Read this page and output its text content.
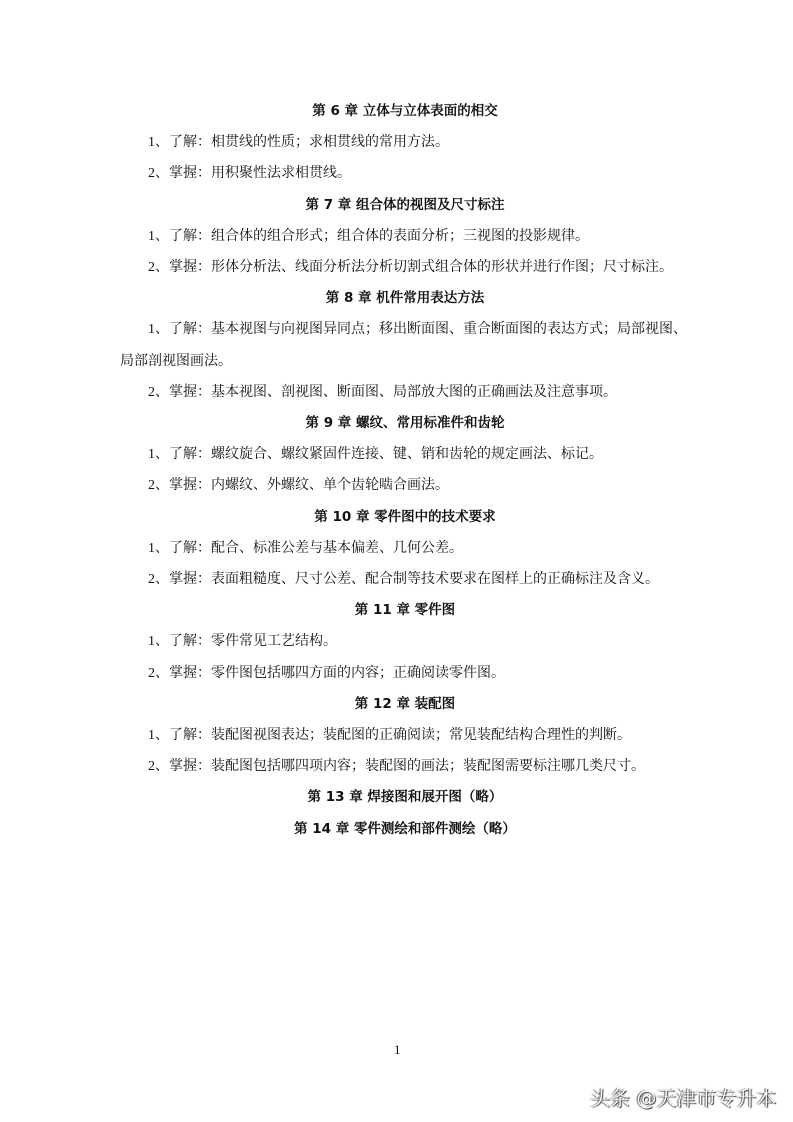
第 6 章 立体与立体表面的相交

1、了解：相贯线的性质；求相贯线的常用方法。

2、掌握：用积聚性法求相贯线。

第 7 章 组合体的视图及尺寸标注

1、了解：组合体的组合形式；组合体的表面分析；三视图的投影规律。

2、掌握：形体分析法、线面分析法分析切割式组合体的形状并进行作图；尺寸标注。

第 8 章 机件常用表达方法

1、了解：基本视图与向视图异同点；移出断面图、重合断面图的表达方式；局部视图、局部剖视图画法。

2、掌握：基本视图、剖视图、断面图、局部放大图的正确画法及注意事项。

第 9 章 螺纹、常用标准件和齿轮

1、了解：螺纹旋合、螺纹紧固件连接、键、销和齿轮的规定画法、标记。

2、掌握：内螺纹、外螺纹、单个齿轮啮合画法。

第 10 章 零件图中的技术要求

1、了解：配合、标准公差与基本偏差、几何公差。

2、掌握：表面粗糙度、尺寸公差、配合制等技术要求在图样上的正确标注及含义。

第 11 章 零件图

1、了解：零件常见工艺结构。

2、掌握：零件图包括哪四方面的内容；正确阅读零件图。

第 12 章 装配图

1、了解：装配图视图表达；装配图的正确阅读；常见装配结构合理性的判断。

2、掌握：装配图包括哪四项内容；装配图的画法；装配图需要标注哪几类尺寸。

第 13 章 焊接图和展开图（略）

第 14 章 零件测绘和部件测绘（略）

1
头条 @天津市专升本
